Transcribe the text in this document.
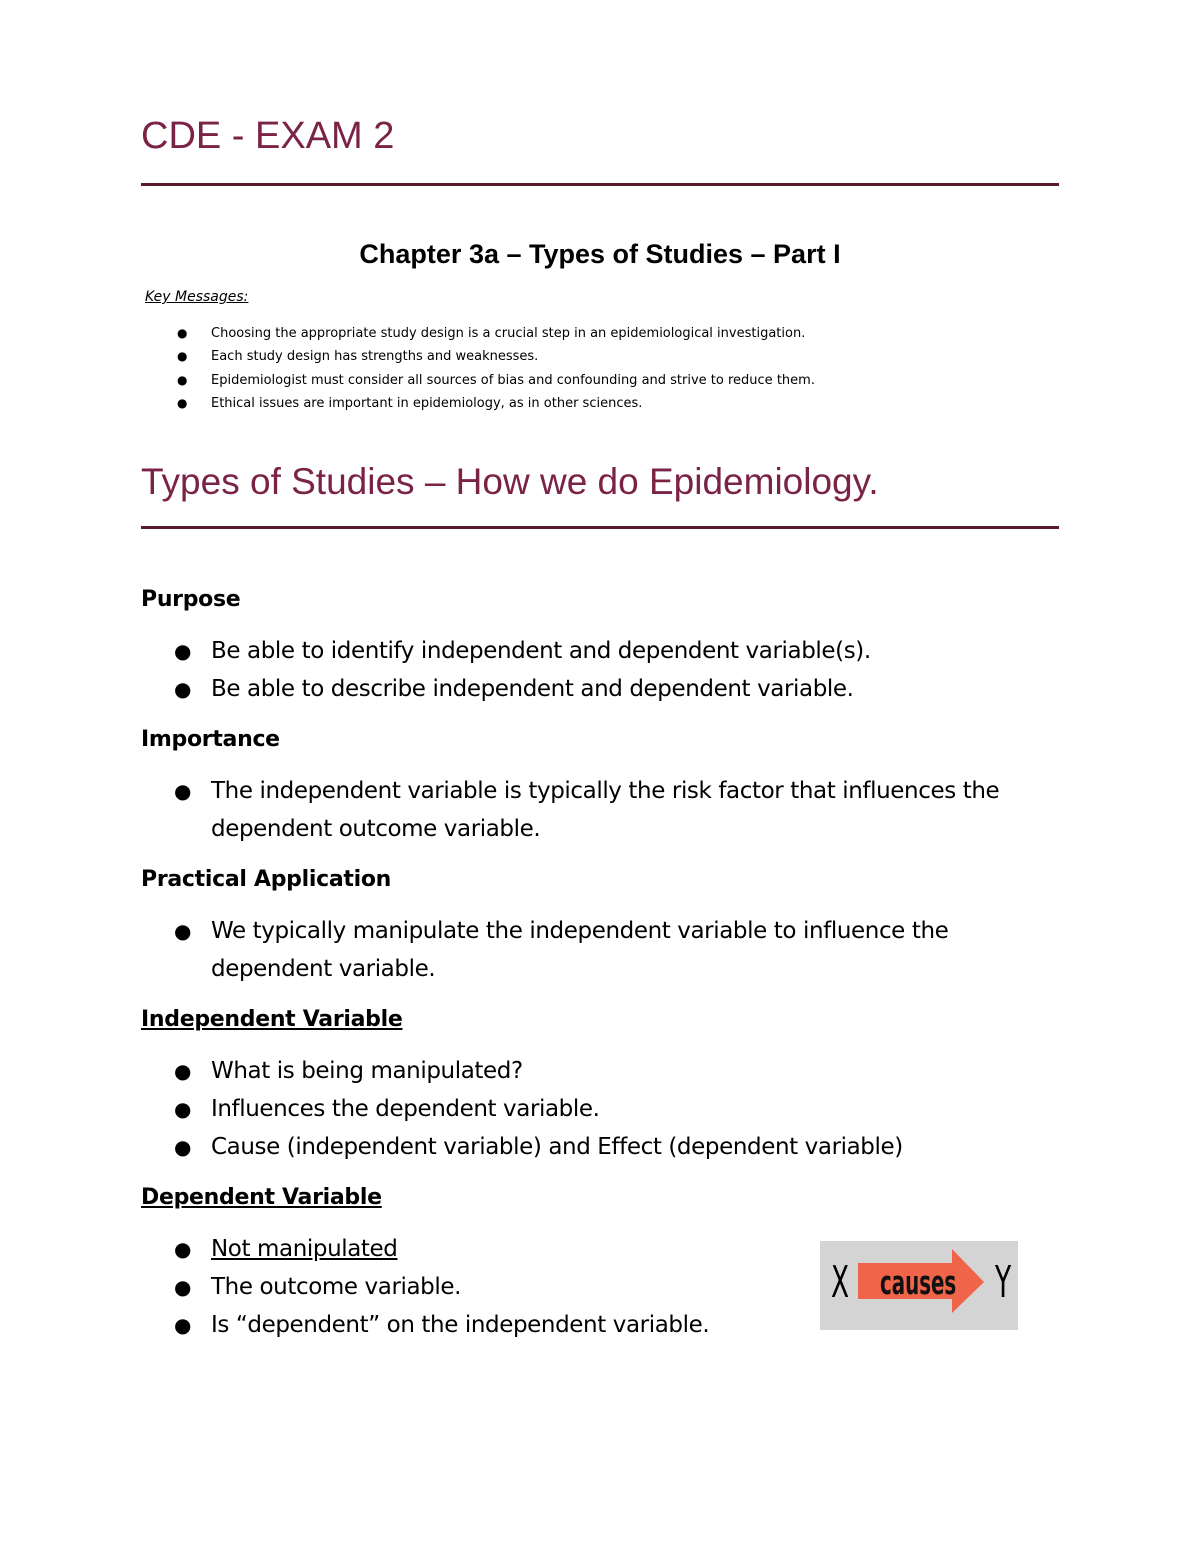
CDE - EXAM 2
Chapter 3a – Types of Studies – Part I
Key Messages:
● Choosing the appropriate study design is a crucial step in an epidemiological investigation.
● Each study design has strengths and weaknesses.
● Epidemiologist must consider all sources of bias and confounding and strive to reduce them.
● Ethical issues are important in epidemiology, as in other sciences.
Types of Studies – How we do Epidemiology.
Purpose
● Be able to identify independent and dependent variable(s).
● Be able to describe independent and dependent variable.
Importance
● The independent variable is typically the risk factor that influences the dependent outcome variable.
Practical Application
● We typically manipulate the independent variable to influence the dependent variable.
Independent Variable
● What is being manipulated?
● Influences the dependent variable.
● Cause (independent variable) and Effect (dependent variable)
Dependent Variable
● Not manipulated
● The outcome variable.
● Is “dependent” on the independent variable.
X causes Y
